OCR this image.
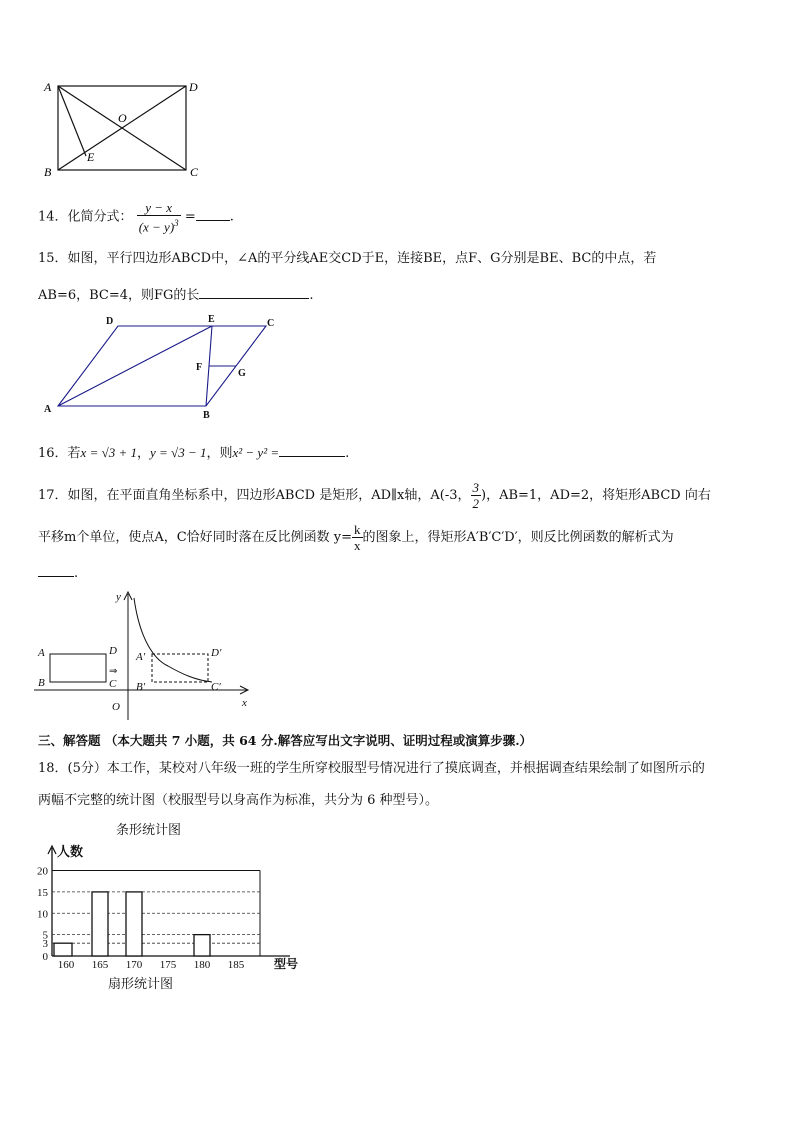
A	D
B	C
O
E
14．化简分式： $\frac{y - x}{(x - y)^3}$ =	.
15．如图，平行四边形ABCD中，∠A的平分线AE交CD于E，连接BE，点F、G分别是BE、BC的中点，若
AB=6，BC=4，则FG的长	.
D	E	C
F
G
A
B
16．若x = √3 + 1，y = √3 − 1，则x² − y² =	.
17．如图，在平面直角坐标系中，四边形ABCD 是矩形，AD∥x轴，A(-3， $\frac{3}{2}$ )，AB=1，AD=2，将矩形ABCD 向右
平移m个单位，使点A，C恰好同时落在反比例函数 $y= \frac{k}{x}$ 的图象上，得矩形A′B′C′D′，则反比例函数的解析式为
.
y
x
O
A
B
D
C
A′
B′
D′
C′
⇒
三、解答题 （本大题共 7 小题，共 64 分.解答应写出文字说明、证明过程或演算步骤.）
18．(5分）本工作，某校对八年级一班的学生所穿校服型号情况进行了摸底调查，并根据调查结果绘制了如图所示的
两幅不完整的统计图（校服型号以身高作为标准，共分为 6 种型号）。
条形统计图
0
3
5
10
15
20
人数
160 165 170 175 180 185 型号
扇形统计图
